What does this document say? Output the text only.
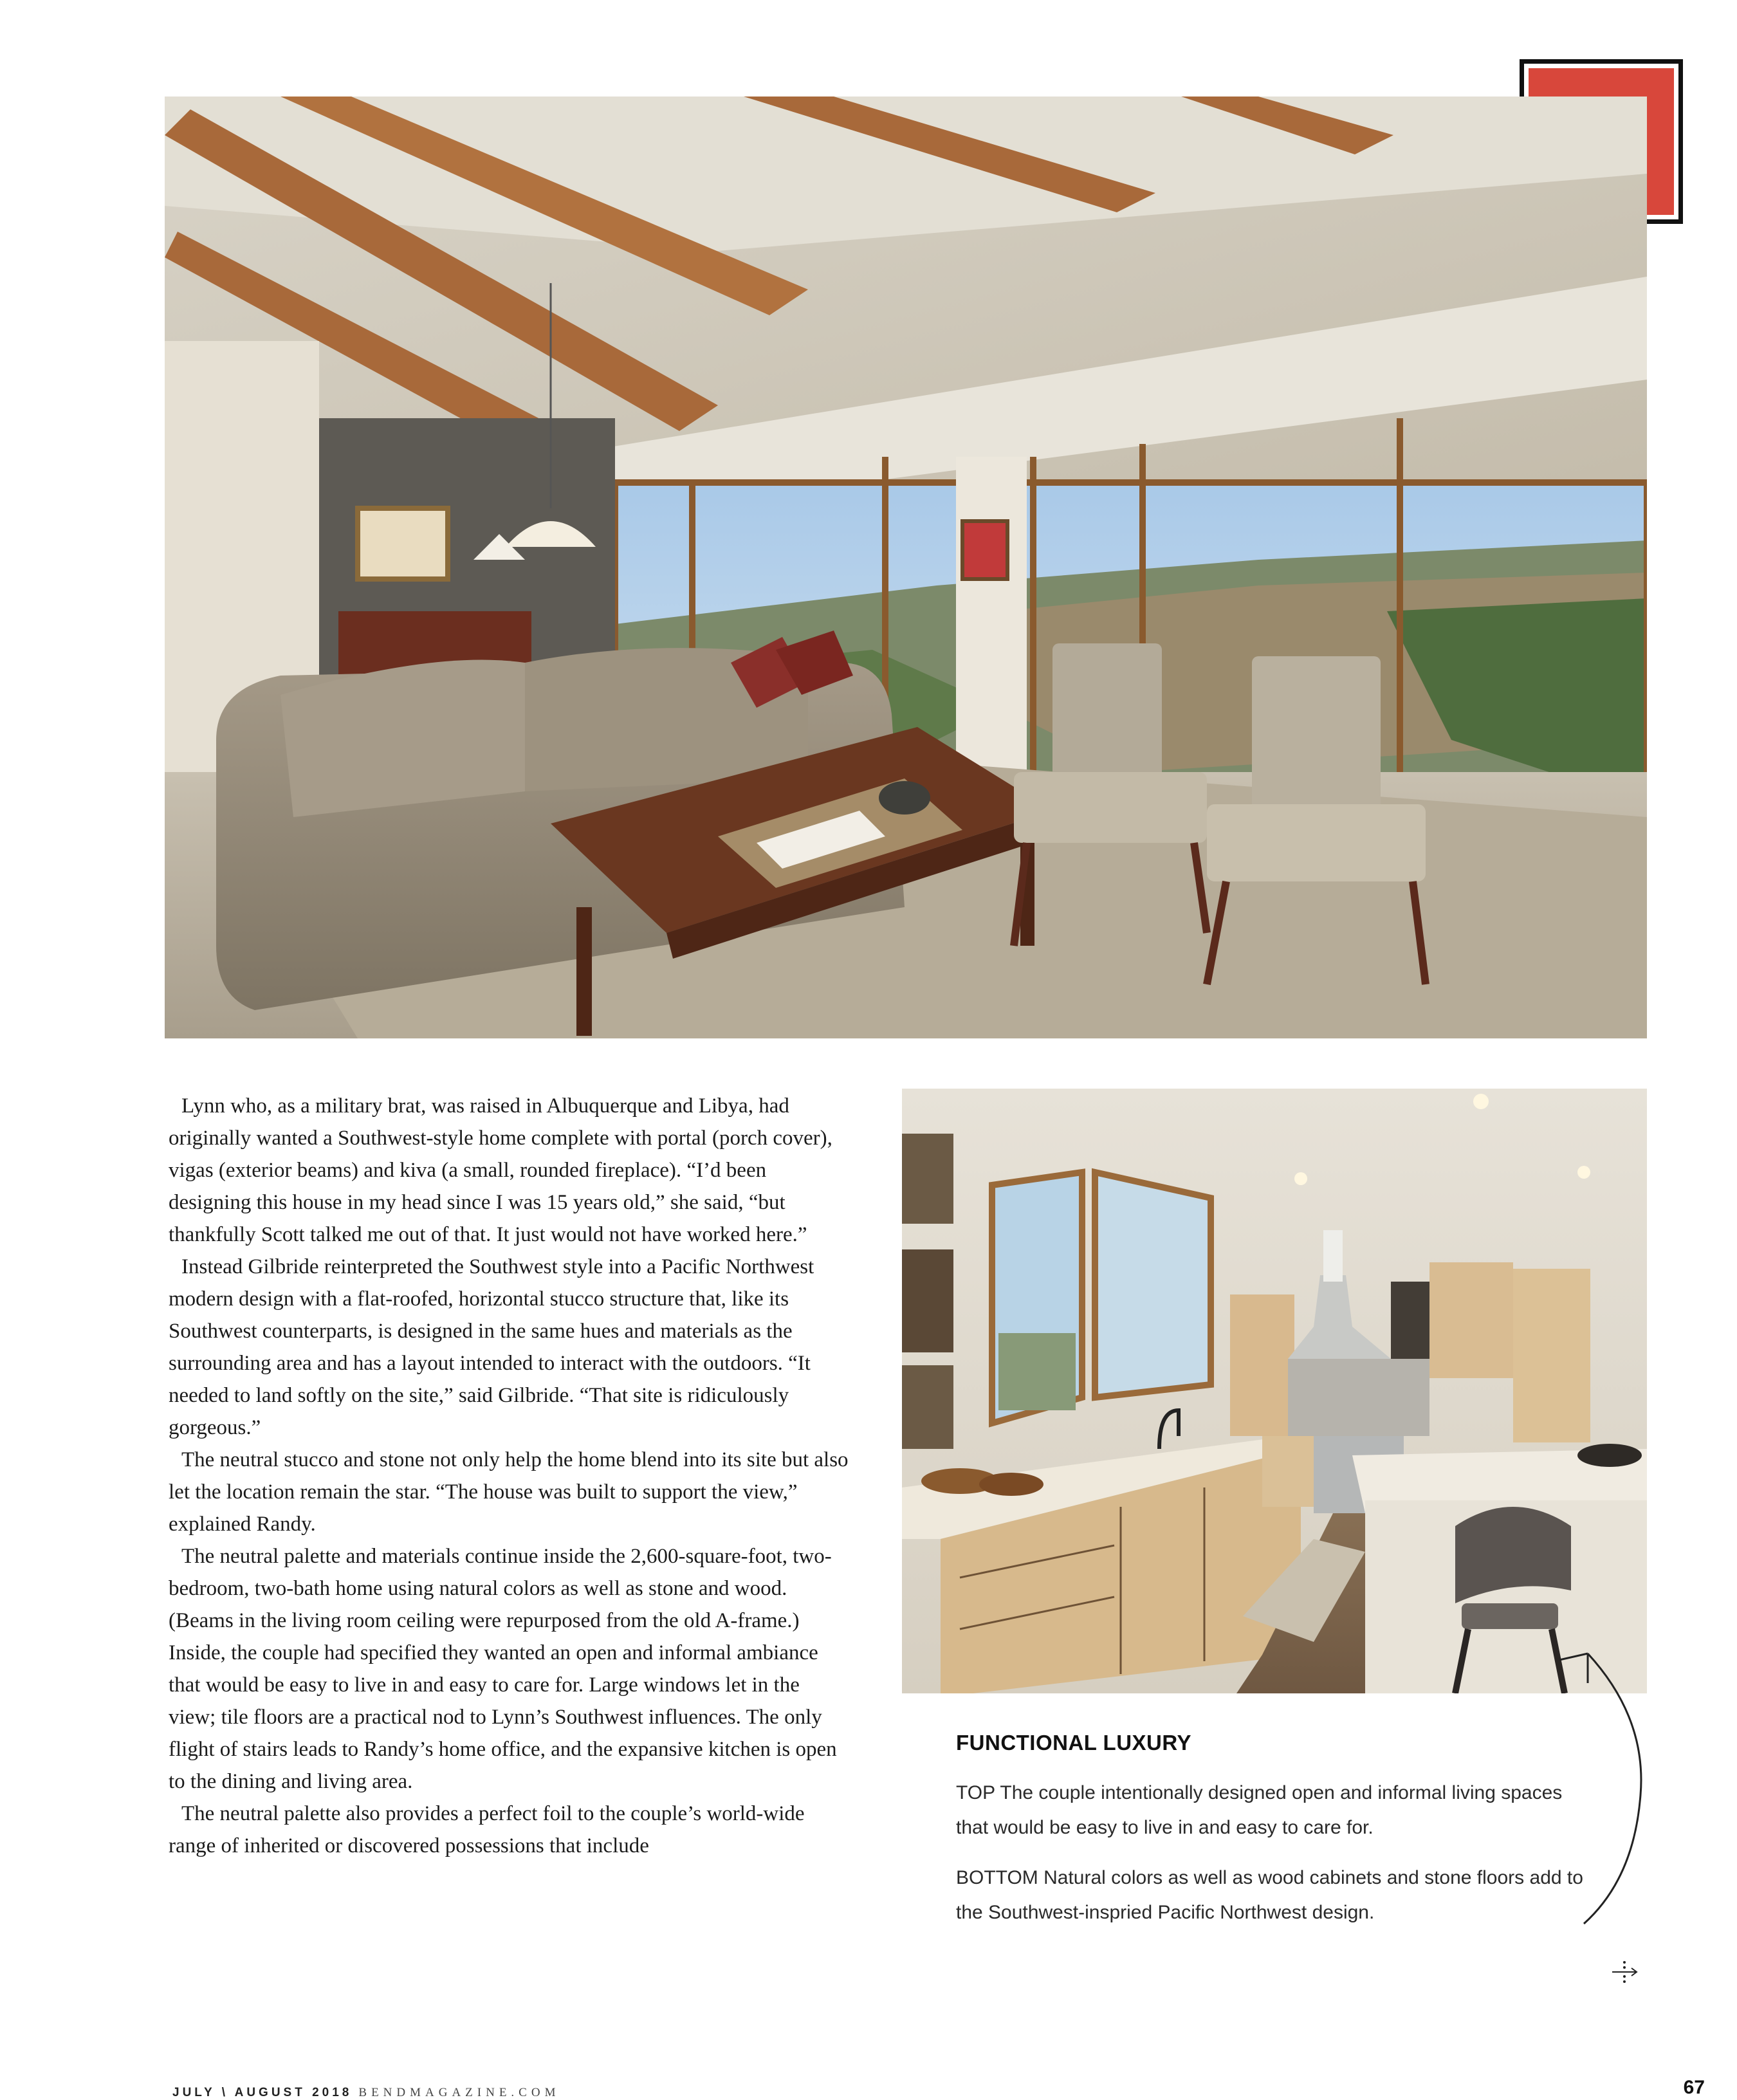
Lynn who, as a military brat, was raised in Albuquerque and Libya, had originally wanted a Southwest-style home complete with portal (porch cover), vigas (exterior beams) and kiva (a small, rounded fireplace). “I’d been designing this house in my head since I was 15 years old,” she said, “but thankfully Scott talked me out of that. It just would not have worked here.”

Instead Gilbride reinterpreted the Southwest style into a Pacific Northwest modern design with a flat-roofed, horizontal stucco structure that, like its Southwest counterparts, is designed in the same hues and materials as the surrounding area and has a layout intended to interact with the outdoors. “It needed to land softly on the site,” said Gilbride. “That site is ridiculously gorgeous.”

The neutral stucco and stone not only help the home blend into its site but also let the location remain the star. “The house was built to support the view,” explained Randy.

The neutral palette and materials continue inside the 2,600-square-foot, two-bedroom, two-bath home using natural colors as well as stone and wood. (Beams in the living room ceiling were repurposed from the old A-frame.) Inside, the couple had specified they wanted an open and informal ambiance that would be easy to live in and easy to care for. Large windows let in the view; tile floors are a practical nod to Lynn’s Southwest influences. The only flight of stairs leads to Randy’s home office, and the expansive kitchen is open to the dining and living area.

The neutral palette also provides a perfect foil to the couple’s world-wide range of inherited or discovered possessions that include

FUNCTIONAL LUXURY

TOP The couple intentionally designed open and informal living spaces that would be easy to live in and easy to care for.

BOTTOM Natural colors as well as wood cabinets and stone floors add to the Southwest-inspried Pacific Northwest design.

JULY \ AUGUST 2018 BENDMAGAZINE.COM	67
